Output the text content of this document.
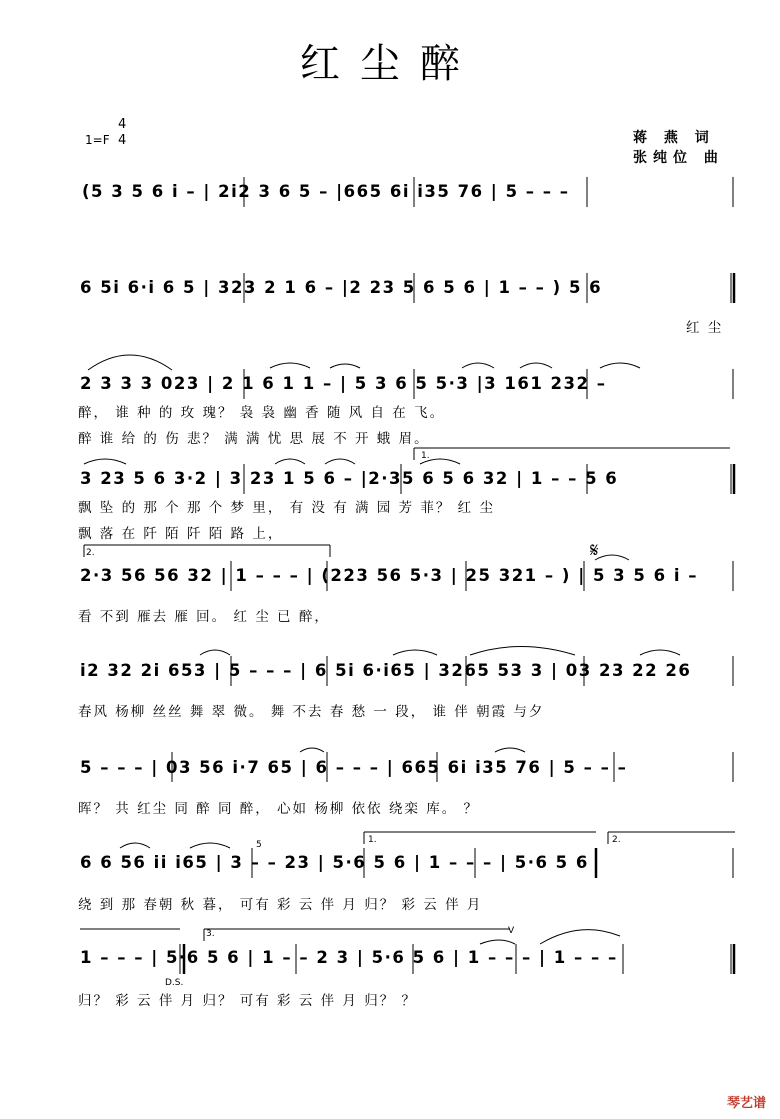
红尘醉
1=F
4
4	蒋 燕 词
张纯位 曲
(5 3 5 6 i – | 2i2 3 6 5 – |665 6i i35 76 | 5 – – –
6 5i 6·i 6 5 | 323 2 1 6 – |2 23 5 6 5 6 | 1 – – ) 5 6
红 尘
2 3 3 3 023 | 2 1 6 1 1 – | 5 3 6 5 5·3 |3 161 232 –
醉， 谁 种 的 玫 瑰？ 袅 袅 幽 香 随 风 自 在 飞。
醉 谁 给 的 伤 悲？ 满 满 忧 思 展 不 开 蛾 眉。
3 23 5 6 3·2 | 3 23 1 5 6 – |2·35 6 5 6 32 | 1 – – 5 6
飘 坠 的 那 个 那 个 梦 里， 有 没 有 满 园 芳 菲？ 红 尘
飘 落 在 阡 陌 阡 陌 路 上，
2·3 56 56 32 | 1 – – – | (223 56 5·3 | 25 321 – ) | 5 3 5 6 i –
看 不到 雁去 雁 回。 红 尘 已 醉，
i2 32 2i 653 | 5 – – – | 6 5i 6·i65 | 3265 53 3 | 03 23 22 26
春风 杨柳 丝丝 舞 翠 微。 舞 不去 春 愁 一 段， 谁 伴 朝霞 与夕
5 – – – | 03 56 i·7 65 | 6 – – – | 665 6i i35 76 | 5 – – –
晖？ 共 红尘 同 醉 同 醉， 心如 杨柳 依依 绕栾 库。 ？
6 6 56 ii i65 | 3 – – 23 | 5·6 5 6 | 1 – – – | 5·6 5 6
绕 到 那 春朝 秋 暮， 可有 彩 云 伴 月 归？ 彩 云 伴 月
1 – – – | 5·6 5 6 | 1 – – 2 3 | 5·6 5 6 | 1 – – – | 1 – – –
归？ 彩 云 伴 月 归？ 可有 彩 云 伴 月 归？ ？
1.
2.
1.	2.
3.
𝄋
5
D.S.
V
琴艺谱
